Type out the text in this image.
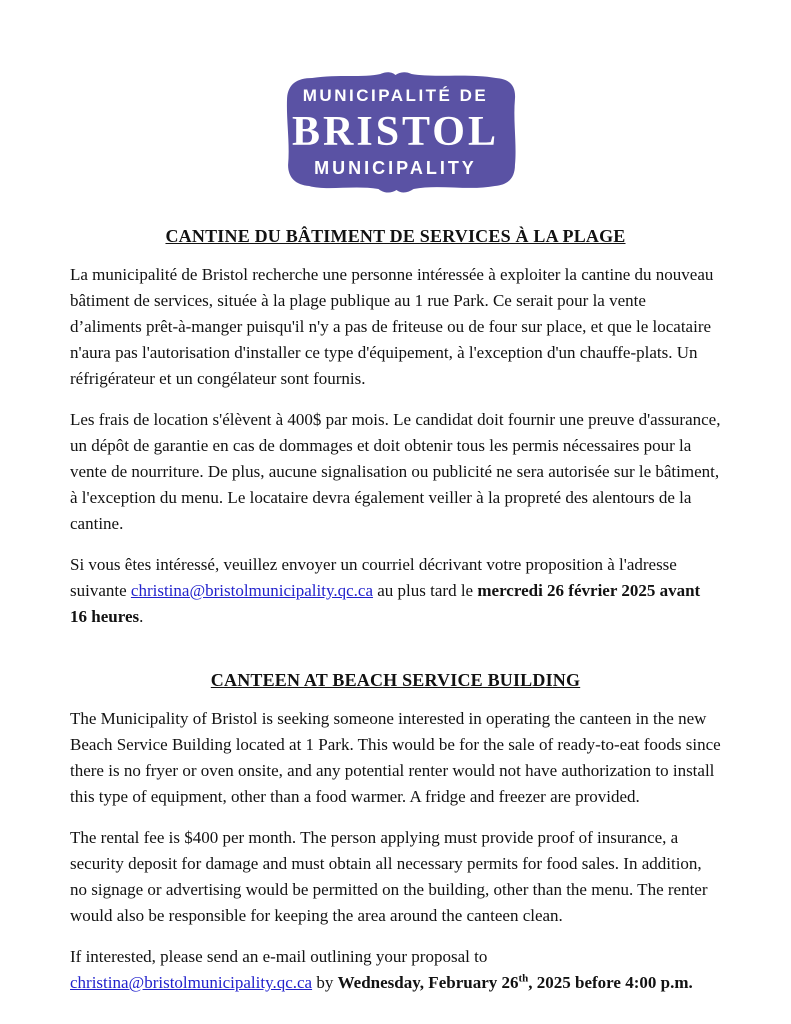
MUNICIPALITÉ DE
BRISTOL
MUNICIPALITY
CANTINE DU BÂTIMENT DE SERVICES À LA PLAGE

La municipalité de Bristol recherche une personne intéressée à exploiter la cantine du nouveau bâtiment de services, située à la plage publique au 1 rue Park. Ce serait pour la vente d’aliments prêt-à-manger puisqu'il n'y a pas de friteuse ou de four sur place, et que le locataire n'aura pas l'autorisation d'installer ce type d'équipement, à l'exception d'un chauffe-plats. Un réfrigérateur et un congélateur sont fournis.

Les frais de location s'élèvent à 400$ par mois. Le candidat doit fournir une preuve d'assurance, un dépôt de garantie en cas de dommages et doit obtenir tous les permis nécessaires pour la vente de nourriture. De plus, aucune signalisation ou publicité ne sera autorisée sur le bâtiment, à l'exception du menu. Le locataire devra également veiller à la propreté des alentours de la cantine.

Si vous êtes intéressé, veuillez envoyer un courriel décrivant votre proposition à l'adresse suivante christina@bristolmunicipality.qc.ca au plus tard le mercredi 26 février 2025 avant 16 heures.

CANTEEN AT BEACH SERVICE BUILDING

The Municipality of Bristol is seeking someone interested in operating the canteen in the new Beach Service Building located at 1 Park. This would be for the sale of ready-to-eat foods since there is no fryer or oven onsite, and any potential renter would not have authorization to install this type of equipment, other than a food warmer. A fridge and freezer are provided.

The rental fee is $400 per month. The person applying must provide proof of insurance, a security deposit for damage and must obtain all necessary permits for food sales. In addition, no signage or advertising would be permitted on the building, other than the menu. The renter would also be responsible for keeping the area around the canteen clean.

If interested, please send an e-mail outlining your proposal to christina@bristolmunicipality.qc.ca by Wednesday, February 26th, 2025 before 4:00 p.m.
